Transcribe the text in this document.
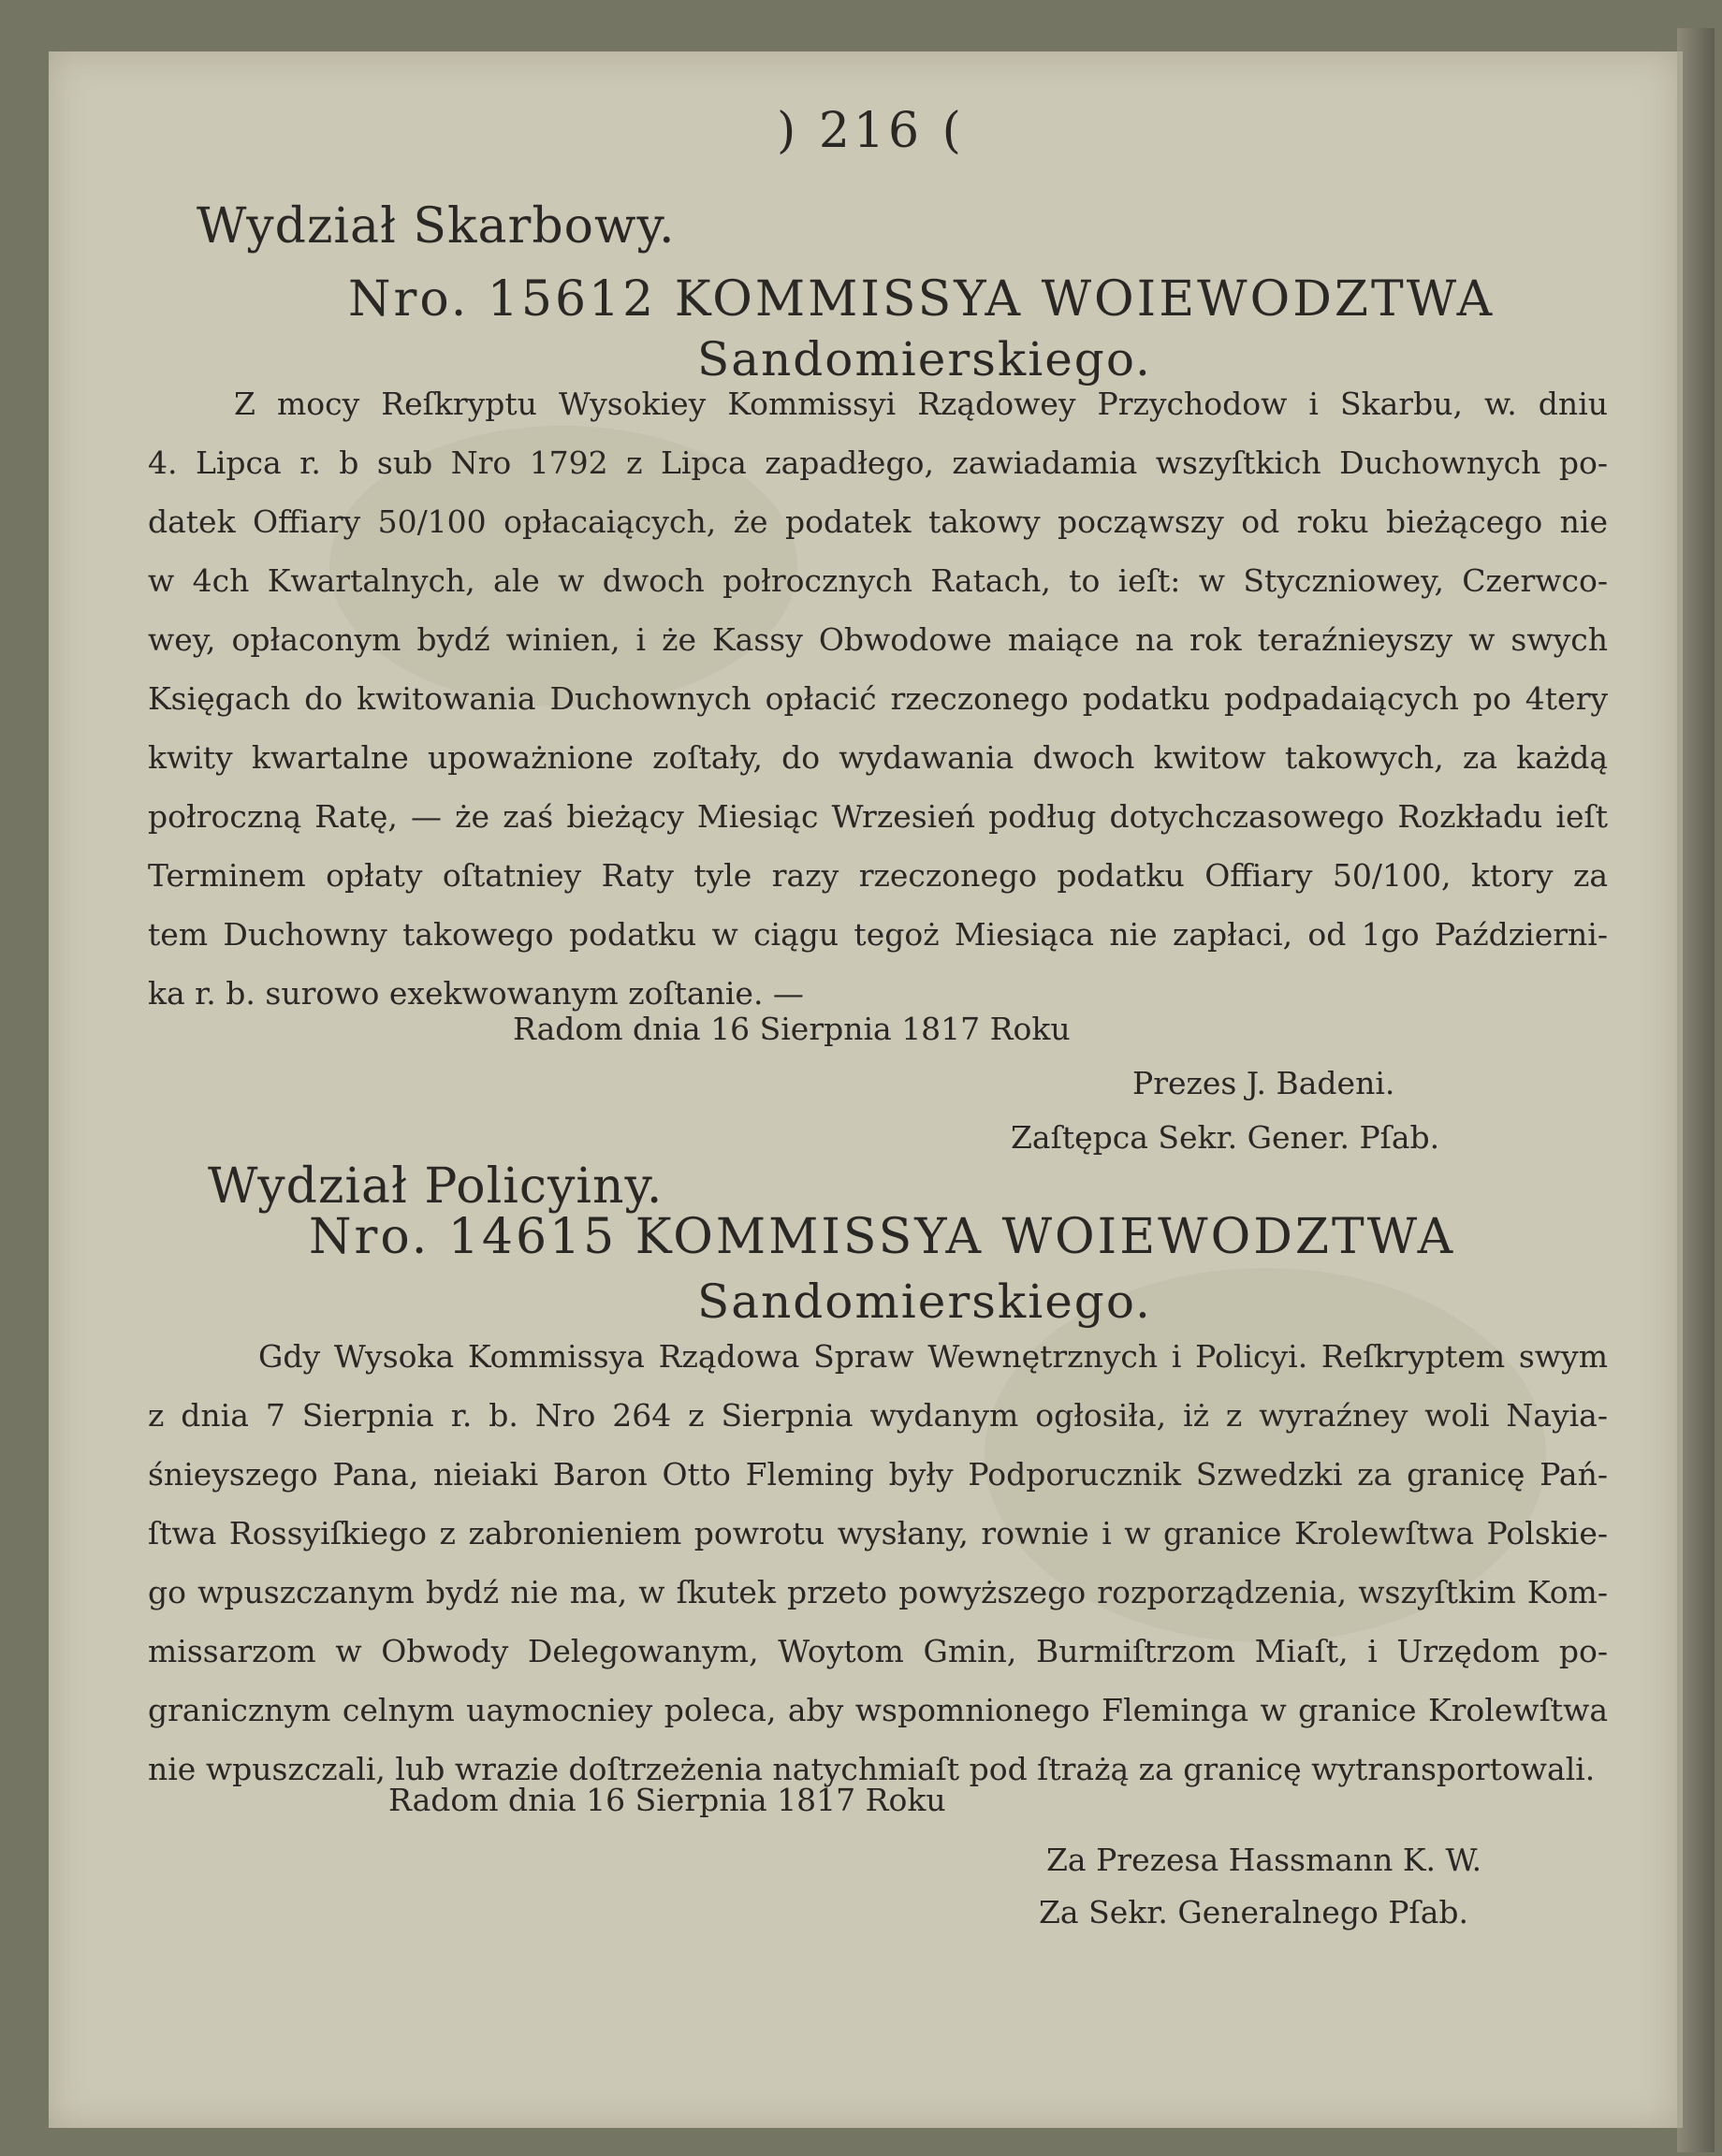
) 216 (
Wydział Skarbowy.
Nro. 15612 KOMMISSYA WOIEWODZTWA
Sandomierskiego.
Z mocy Reſkryptu Wysokiey Kommissyi Rządowey Przychodow i Skarbu, w. dniu
4. Lipca r. b sub Nro 1792 z Lipca zapadłego, zawiadamia wszyſtkich Duchownych po-
datek Offiary 50/100 opłacaiących, że podatek takowy począwszy od roku bieżącego nie
w 4ch Kwartalnych, ale w dwoch połrocznych Ratach, to ieſt: w Styczniowey, Czerwco-
wey, opłaconym bydź winien, i że Kassy Obwodowe maiące na rok teraźnieyszy w swych
Księgach do kwitowania Duchownych opłacić rzeczonego podatku podpadaiących po 4tery
kwity kwartalne upoważnione zoſtały, do wydawania dwoch kwitow takowych, za każdą
połroczną Ratę, — że zaś bieżący Miesiąc Wrzesień podług dotychczasowego Rozkładu ieſt
Terminem opłaty oſtatniey Raty tyle razy rzeczonego podatku Offiary 50/100, ktory za
tem Duchowny takowego podatku w ciągu tegoż Miesiąca nie zapłaci, od 1go Październi-
ka r. b. surowo exekwowanym zoſtanie. —
Radom dnia 16 Sierpnia 1817 Roku
Prezes J. Badeni.
Zaſtępca Sekr. Gener. Pſab.
Wydział Policyiny.
Nro. 14615 KOMMISSYA WOIEWODZTWA
Sandomierskiego.
Gdy Wysoka Kommissya Rządowa Spraw Wewnętrznych i Policyi. Reſkryptem swym
z dnia 7 Sierpnia r. b. Nro 264 z Sierpnia wydanym ogłosiła, iż z wyraźney woli Nayia-
śnieyszego Pana, nieiaki Baron Otto Fleming były Podporucznik Szwedzki za granicę Pań-
ſtwa Rossyiſkiego z zabronieniem powrotu wysłany, rownie i w granice Krolewſtwa Polskie-
go wpuszczanym bydź nie ma, w ſkutek przeto powyższego rozporządzenia, wszyſtkim Kom-
missarzom w Obwody Delegowanym, Woytom Gmin, Burmiſtrzom Miaſt, i Urzędom po-
granicznym celnym uaymocniey poleca, aby wspomnionego Fleminga w granice Krolewſtwa
nie wpuszczali, lub wrazie doſtrzeżenia natychmiaſt pod ſtrażą za granicę wytransportowali.
Radom dnia 16 Sierpnia 1817 Roku
Za Prezesa Hassmann K. W.
Za Sekr. Generalnego Pſab.
